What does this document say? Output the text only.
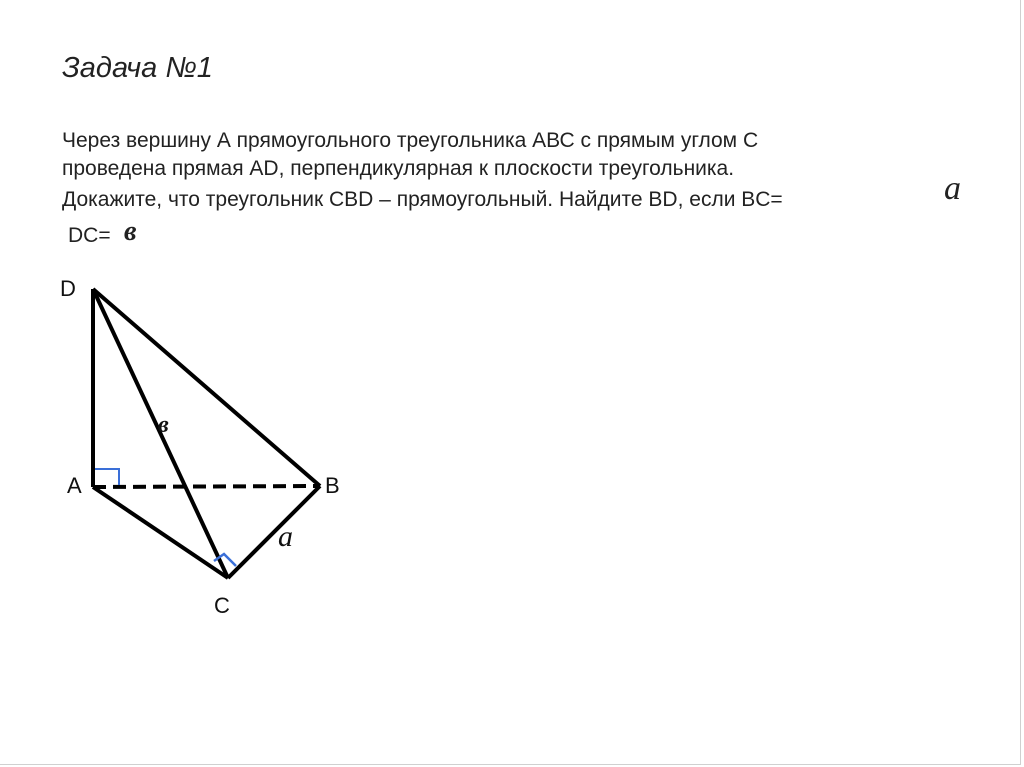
Задача №1
Через вершину А прямоугольного треугольника АВС с прямым углом С
проведена прямая АD, перпендикулярная к плоскости треугольника.
Докажите, что треугольник CBD – прямоугольный. Найдите BD, если BC=	a
DC= в
D
A	B
C
в
a
